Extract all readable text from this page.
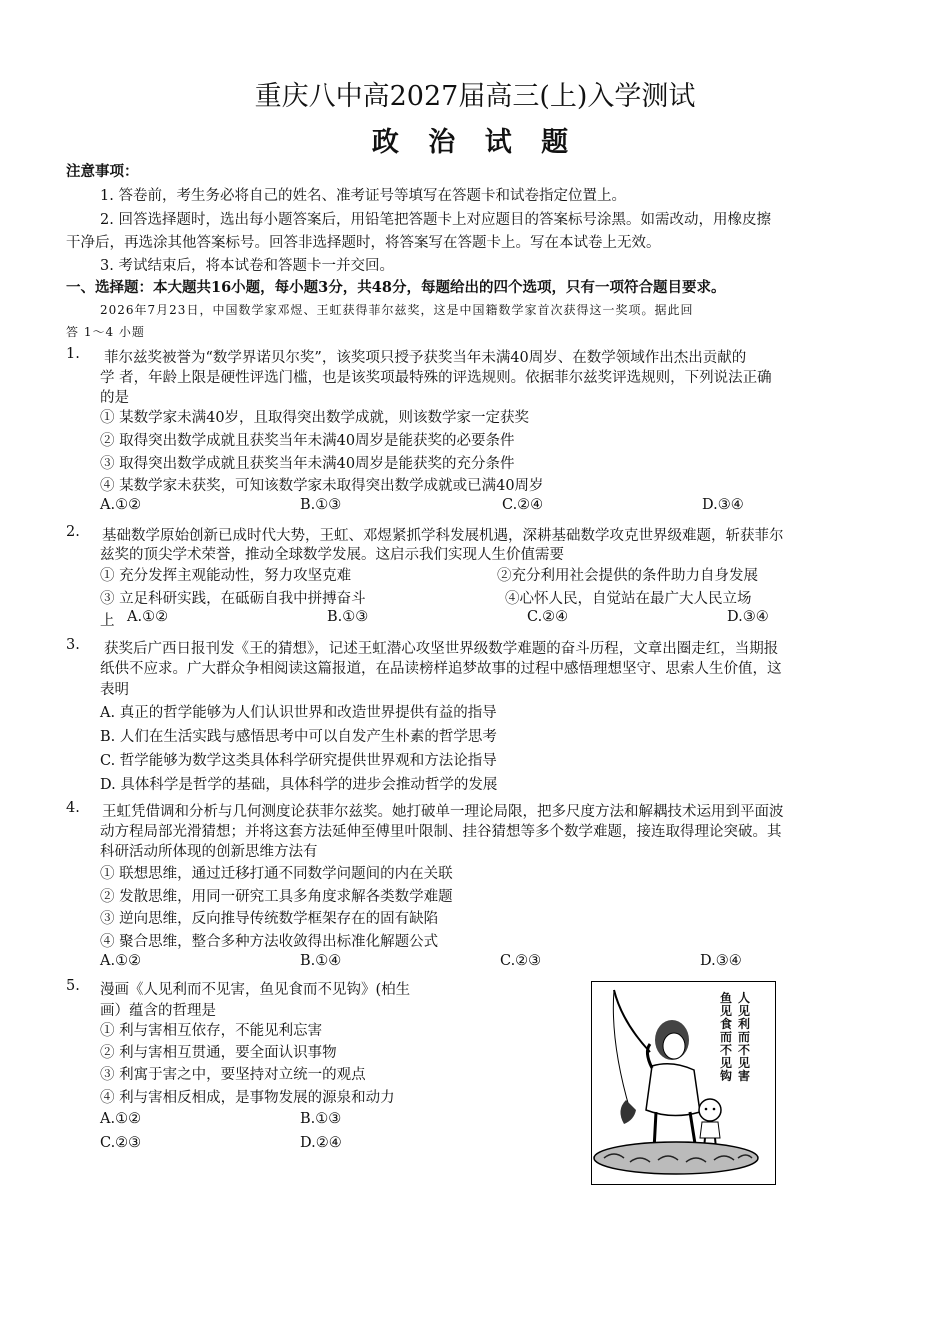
重庆八中高2027届高三(上)入学测试
政 治 试 题
注意事项：
1. 答卷前，考生务必将自己的姓名、准考证号等填写在答题卡和试卷指定位置上。
2. 回答选择题时，选出每小题答案后，用铅笔把答题卡上对应题目的答案标号涂黑。如需改动，用橡皮擦
干净后，再选涂其他答案标号。回答非选择题时，将答案写在答题卡上。写在本试卷上无效。
3. 考试结束后，将本试卷和答题卡一并交回。
一、选择题：本大题共16小题，每小题3分，共48分，每题给出的四个选项，只有一项符合题目要求。
2026年7月23日，中国数学家邓煜、王虹获得菲尔兹奖，这是中国籍数学家首次获得这一奖项。据此回
答 1～4 小题
1. 菲尔兹奖被誉为“数学界诺贝尔奖”，该奖项只授予获奖当年未满40周岁、在数学领域作出杰出贡献的
学 者，年龄上限是硬性评选门槛，也是该奖项最特殊的评选规则。依据菲尔兹奖评选规则，下列说法正确
的是
① 某数学家未满40岁，且取得突出数学成就，则该数学家一定获奖
② 取得突出数学成就且获奖当年未满40周岁是能获奖的必要条件
③ 取得突出数学成就且获奖当年未满40周岁是能获奖的充分条件
④ 某数学家未获奖，可知该数学家未取得突出数学成就或已满40周岁
A.①②	B.①③	C.②④	D.③④
2. 基础数学原始创新已成时代大势，王虹、邓煜紧抓学科发展机遇，深耕基础数学攻克世界级难题，斩获菲尔
兹奖的顶尖学术荣誉，推动全球数学发展。这启示我们实现人生价值需要
① 充分发挥主观能动性，努力攻坚克难	②充分利用社会提供的条件助力自身发展
③ 立足科研实践，在砥砺自我中拼搏奋斗	④心怀人民，自觉站在最广大人民立场
上 A.①②	B.①③	C.②④	D.③④
3. 获奖后广西日报刊发《王的猜想》，记述王虹潜心攻坚世界级数学难题的奋斗历程，文章出圈走红，当期报
纸供不应求。广大群众争相阅读这篇报道，在品读榜样追梦故事的过程中感悟理想坚守、思索人生价值，这
表明
A. 真正的哲学能够为人们认识世界和改造世界提供有益的指导
B. 人们在生活实践与感悟思考中可以自发产生朴素的哲学思考
C. 哲学能够为数学这类具体科学研究提供世界观和方法论指导
D. 具体科学是哲学的基础，具体科学的进步会推动哲学的发展
4. 王虹凭借调和分析与几何测度论获菲尔兹奖。她打破单一理论局限，把多尺度方法和解耦技术运用到平面波
动方程局部光滑猜想；并将这套方法延伸至傅里叶限制、挂谷猜想等多个数学难题，接连取得理论突破。其
科研活动所体现的创新思维方法有
① 联想思维，通过迁移打通不同数学问题间的内在关联
② 发散思维，用同一研究工具多角度求解各类数学难题
③ 逆向思维，反向推导传统数学框架存在的固有缺陷
④ 聚合思维，整合多种方法收敛得出标准化解题公式
A.①②	B.①④	C.②③	D.③④
5. 漫画《人见利而不见害，鱼见食而不见钩》(柏生
画）蕴含的哲理是
① 利与害相互依存，不能见利忘害
② 利与害相互贯通，要全面认识事物
③ 利寓于害之中，要坚持对立统一的观点
④ 利与害相反相成，是事物发展的源泉和动力
A.①②	B.①③
C.②③	D.②④
人见利而不见害
鱼见食而不见钩
